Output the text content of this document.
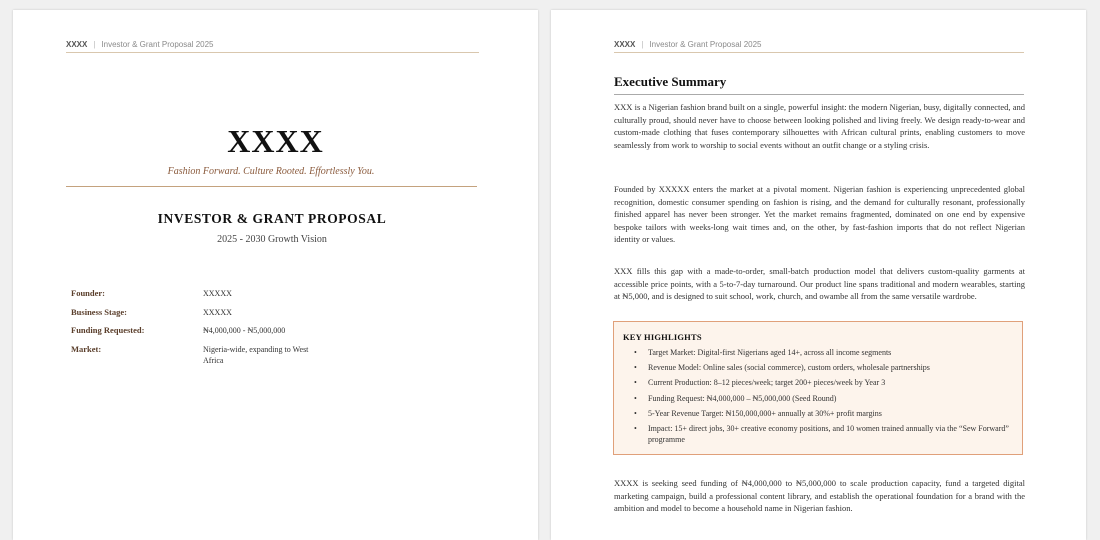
XXXX | Investor & Grant Proposal 2025
XXXX
Fashion Forward. Culture Rooted. Effortlessly You.
INVESTOR & GRANT PROPOSAL
2025 - 2030 Growth Vision
Founder:	XXXXX
Business Stage:	XXXXX
Funding Requested:	₦4,000,000 - ₦5,000,000
Market:	Nigeria-wide, expanding to West Africa
XXXX | Investor & Grant Proposal 2025
Executive Summary

XXX is a Nigerian fashion brand built on a single, powerful insight: the modern Nigerian, busy, digitally connected, and culturally proud, should never have to choose between looking polished and living freely. We design ready-to-wear and custom-made clothing that fuses contemporary silhouettes with African cultural prints, enabling customers to move seamlessly from work to worship to social events without an outfit change or a styling crisis.

Founded by XXXXX enters the market at a pivotal moment. Nigerian fashion is experiencing unprecedented global recognition, domestic consumer spending on fashion is rising, and the demand for culturally resonant, professionally finished apparel has never been stronger. Yet the market remains fragmented, dominated on one end by expensive bespoke tailors with weeks-long wait times and, on the other, by fast-fashion imports that do not reflect Nigerian identity or values.

XXX fills this gap with a made-to-order, small-batch production model that delivers custom-quality garments at accessible price points, with a 5-to-7-day turnaround. Our product line spans traditional and modern wearables, starting at ₦5,000, and is designed to suit school, work, church, and owambe all from the same versatile wardrobe.

KEY HIGHLIGHTS
• Target Market: Digital-first Nigerians aged 14+, across all income segments
• Revenue Model: Online sales (social commerce), custom orders, wholesale partnerships
• Current Production: 8–12 pieces/week; target 200+ pieces/week by Year 3
• Funding Request: ₦4,000,000 – ₦5,000,000 (Seed Round)
• 5-Year Revenue Target: ₦150,000,000+ annually at 30%+ profit margins
• Impact: 15+ direct jobs, 30+ creative economy positions, and 10 women trained annually via the “Sew Forward” programme

XXXX is seeking seed funding of ₦4,000,000 to ₦5,000,000 to scale production capacity, fund a targeted digital marketing campaign, build a professional content library, and establish the operational foundation for a brand with the ambition and model to become a household name in Nigerian fashion.
